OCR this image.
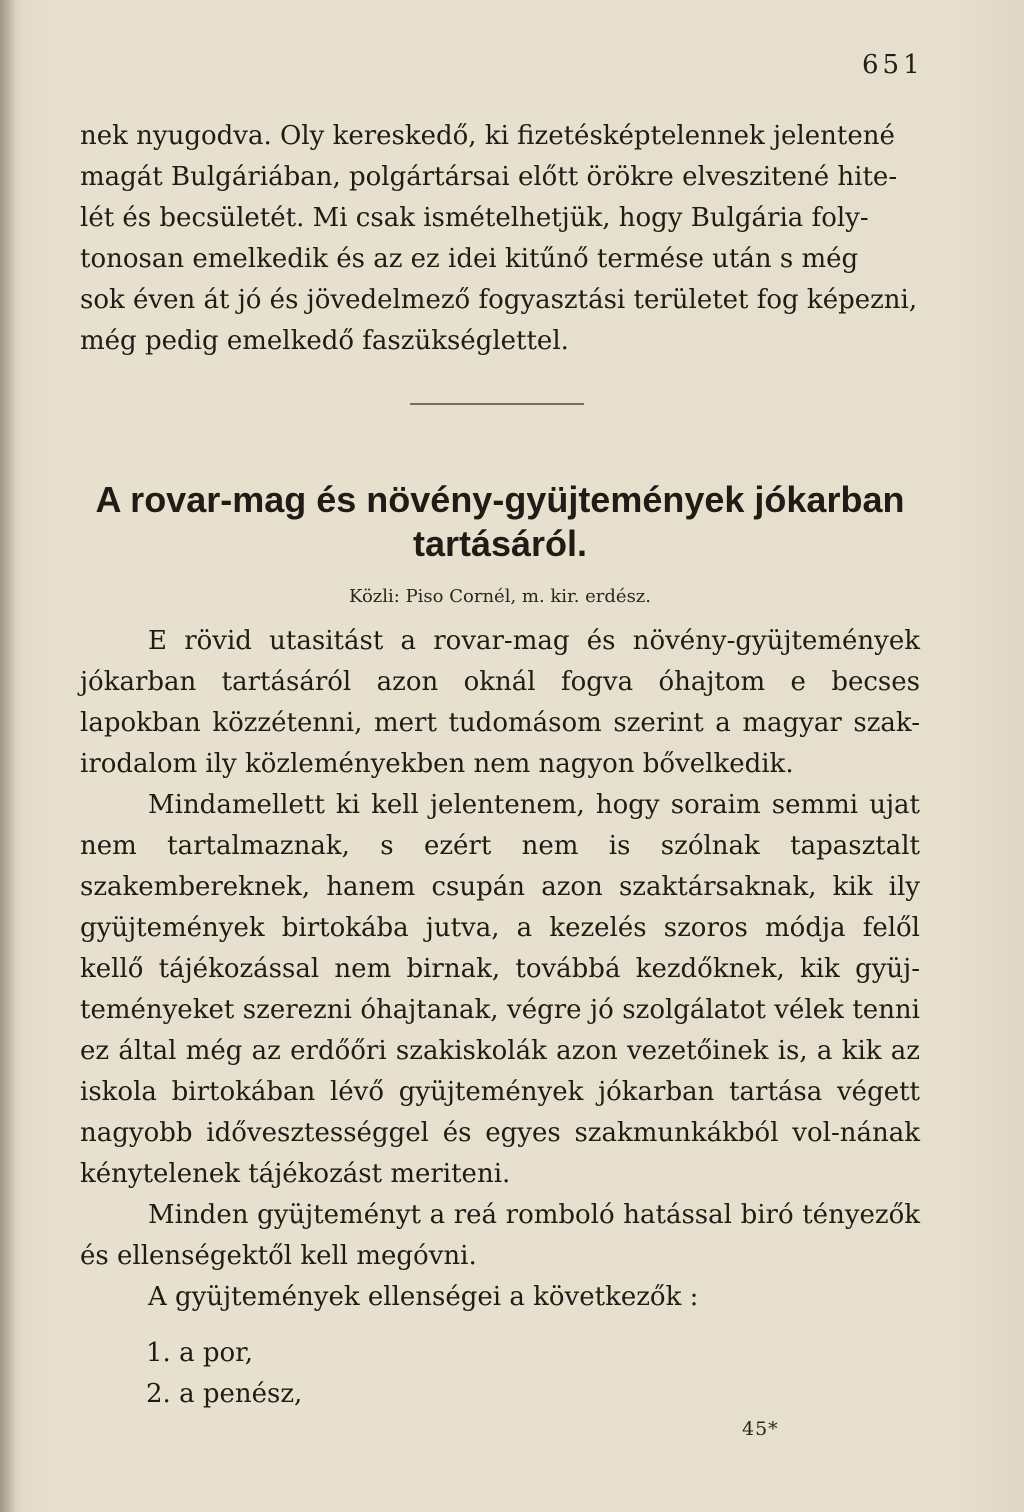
651
nek nyugodva. Oly kereskedő, ki fizetésképtelennek jelentené
magát Bulgáriában, polgártársai előtt örökre elveszitené hite-
lét és becsületét. Mi csak ismételhetjük, hogy Bulgária foly-
tonosan emelkedik és az ez idei kitűnő termése után s még
sok éven át jó és jövedelmező fogyasztási területet fog képezni,
még pedig emelkedő faszükséglettel.
A rovar-mag és növény-gyüjtemények jókarban
tartásáról.
Közli: Piso Cornél, m. kir. erdész.

E rövid utasitást a rovar-mag és növény-gyüjtemények jókarban tartásáról azon oknál fogva óhajtom e becses lapokban közzétenni, mert tudomásom szerint a magyar szak-irodalom ily közleményekben nem nagyon bővelkedik.

Mindamellett ki kell jelentenem, hogy soraim semmi ujat nem tartalmaznak, s ezért nem is szólnak tapasztalt szakembereknek, hanem csupán azon szaktársaknak, kik ily gyüjtemények birtokába jutva, a kezelés szoros módja felől kellő tájékozással nem birnak, továbbá kezdőknek, kik gyüj-teményeket szerezni óhajtanak, végre jó szolgálatot vélek tenni ez által még az erdőőri szakiskolák azon vezetőinek is, a kik az iskola birtokában lévő gyüjtemények jókarban tartása végett nagyobb idővesztességgel és egyes szakmunkákból vol-nának kénytelenek tájékozást meriteni.

Minden gyüjteményt a reá romboló hatással biró tényezők és ellenségektől kell megóvni.

A gyüjtemények ellenségei a következők :

1. a por,
2. a penész,
45*
